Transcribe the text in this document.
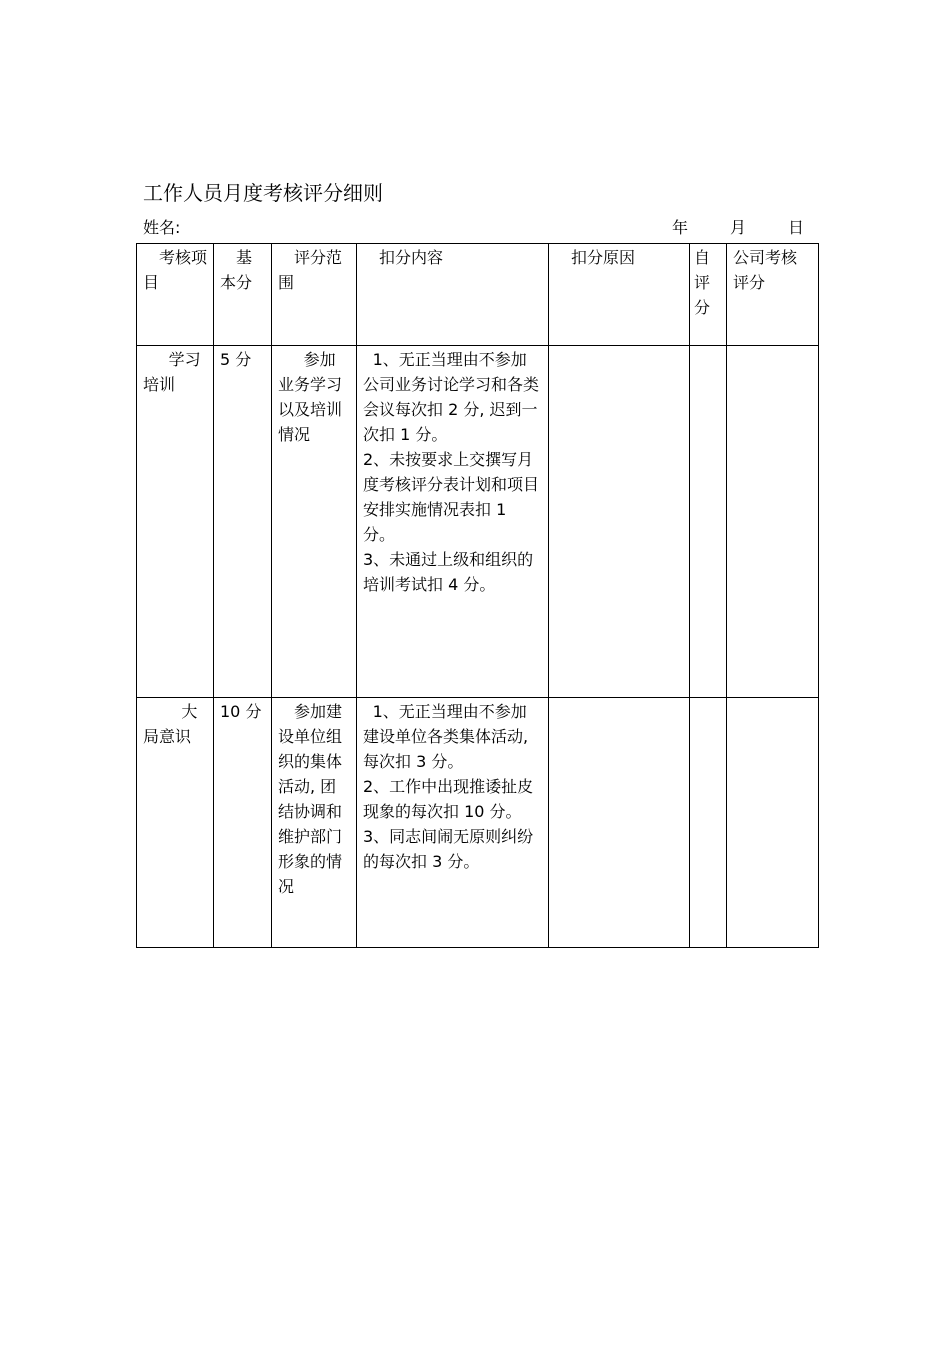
工作人员月度考核评分细则
姓名:	年	月	日
考核项目	基本分	评分范围	扣分内容	扣分原因	自评分	公司考核评分
学习培训	5 分	参加业务学习以及培训情况	1、无正当理由不参加公司业务讨论学习和各类会议每次扣 2 分, 迟到一次扣 1 分。
2、未按要求上交撰写月度考核评分表计划和项目安排实施情况表扣 1 分。
3、未通过上级和组织的培训考试扣 4 分。			

大局意识	10 分	参加建设单位组织的集体活动, 团结协调和维护部门形象的情况	1、无正当理由不参加建设单位各类集体活动, 每次扣 3 分。
2、工作中出现推诿扯皮现象的每次扣 10 分。 3、同志间闹无原则纠纷的每次扣 3 分。			
